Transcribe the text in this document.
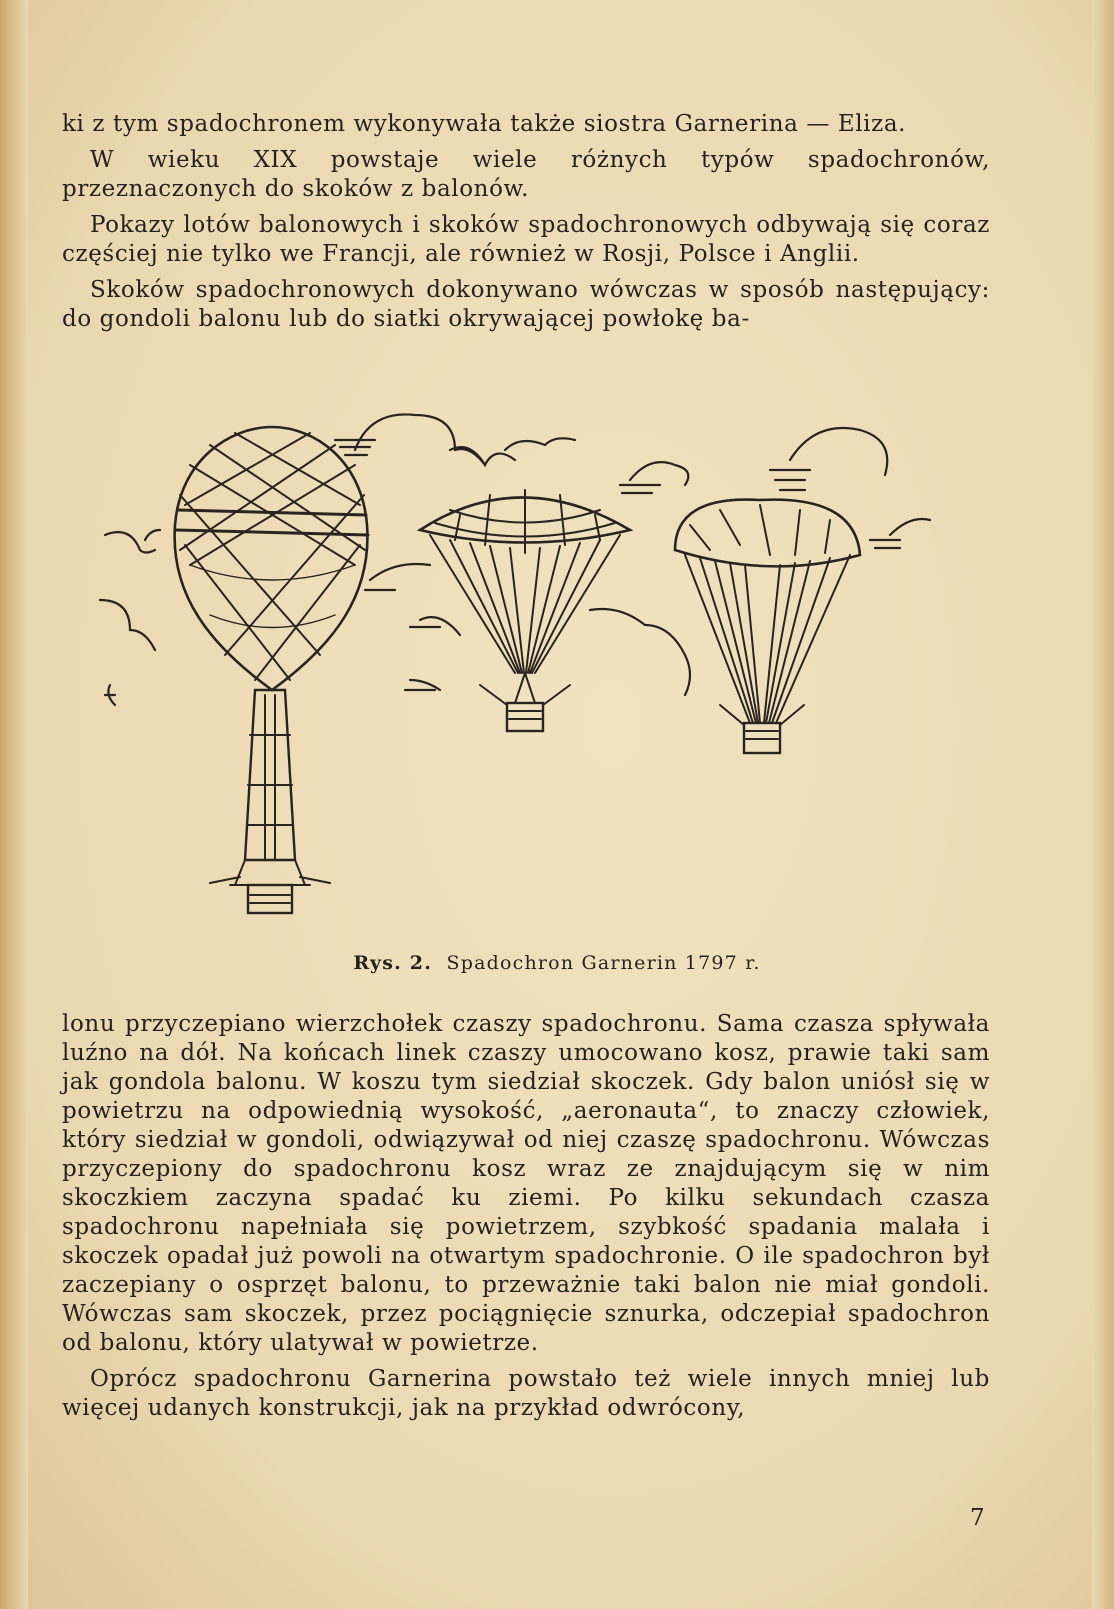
ki z tym spadochronem wykonywała także siostra Garnerina — Eliza.

W wieku XIX powstaje wiele różnych typów spadochronów, przeznaczonych do skoków z balonów.

Pokazy lotów balonowych i skoków spadochronowych odbywają się coraz częściej nie tylko we Francji, ale również w Rosji, Polsce i Anglii.

Skoków spadochronowych dokonywano wówczas w sposób następujący: do gondoli balonu lub do siatki okrywającej powłokę ba-

Rys. 2. Spadochron Garnerin 1797 r.

lonu przyczepiano wierzchołek czaszy spadochronu. Sama czasza spływała luźno na dół. Na końcach linek czaszy umocowano kosz, prawie taki sam jak gondola balonu. W koszu tym siedział skoczek. Gdy balon uniósł się w powietrzu na odpowiednią wysokość, „aeronauta“, to znaczy człowiek, który siedział w gondoli, odwiązywał od niej czaszę spadochronu. Wówczas przyczepiony do spadochronu kosz wraz ze znajdującym się w nim skoczkiem zaczyna spadać ku ziemi. Po kilku sekundach czasza spadochronu napełniała się powietrzem, szybkość spadania malała i skoczek opadał już powoli na otwartym spadochronie. O ile spadochron był zaczepiany o osprzęt balonu, to przeważnie taki balon nie miał gondoli. Wówczas sam skoczek, przez pociągnięcie sznurka, odczepiał spadochron od balonu, który ulatywał w powietrze.

Oprócz spadochronu Garnerina powstało też wiele innych mniej lub więcej udanych konstrukcji, jak na przykład odwrócony,

7
